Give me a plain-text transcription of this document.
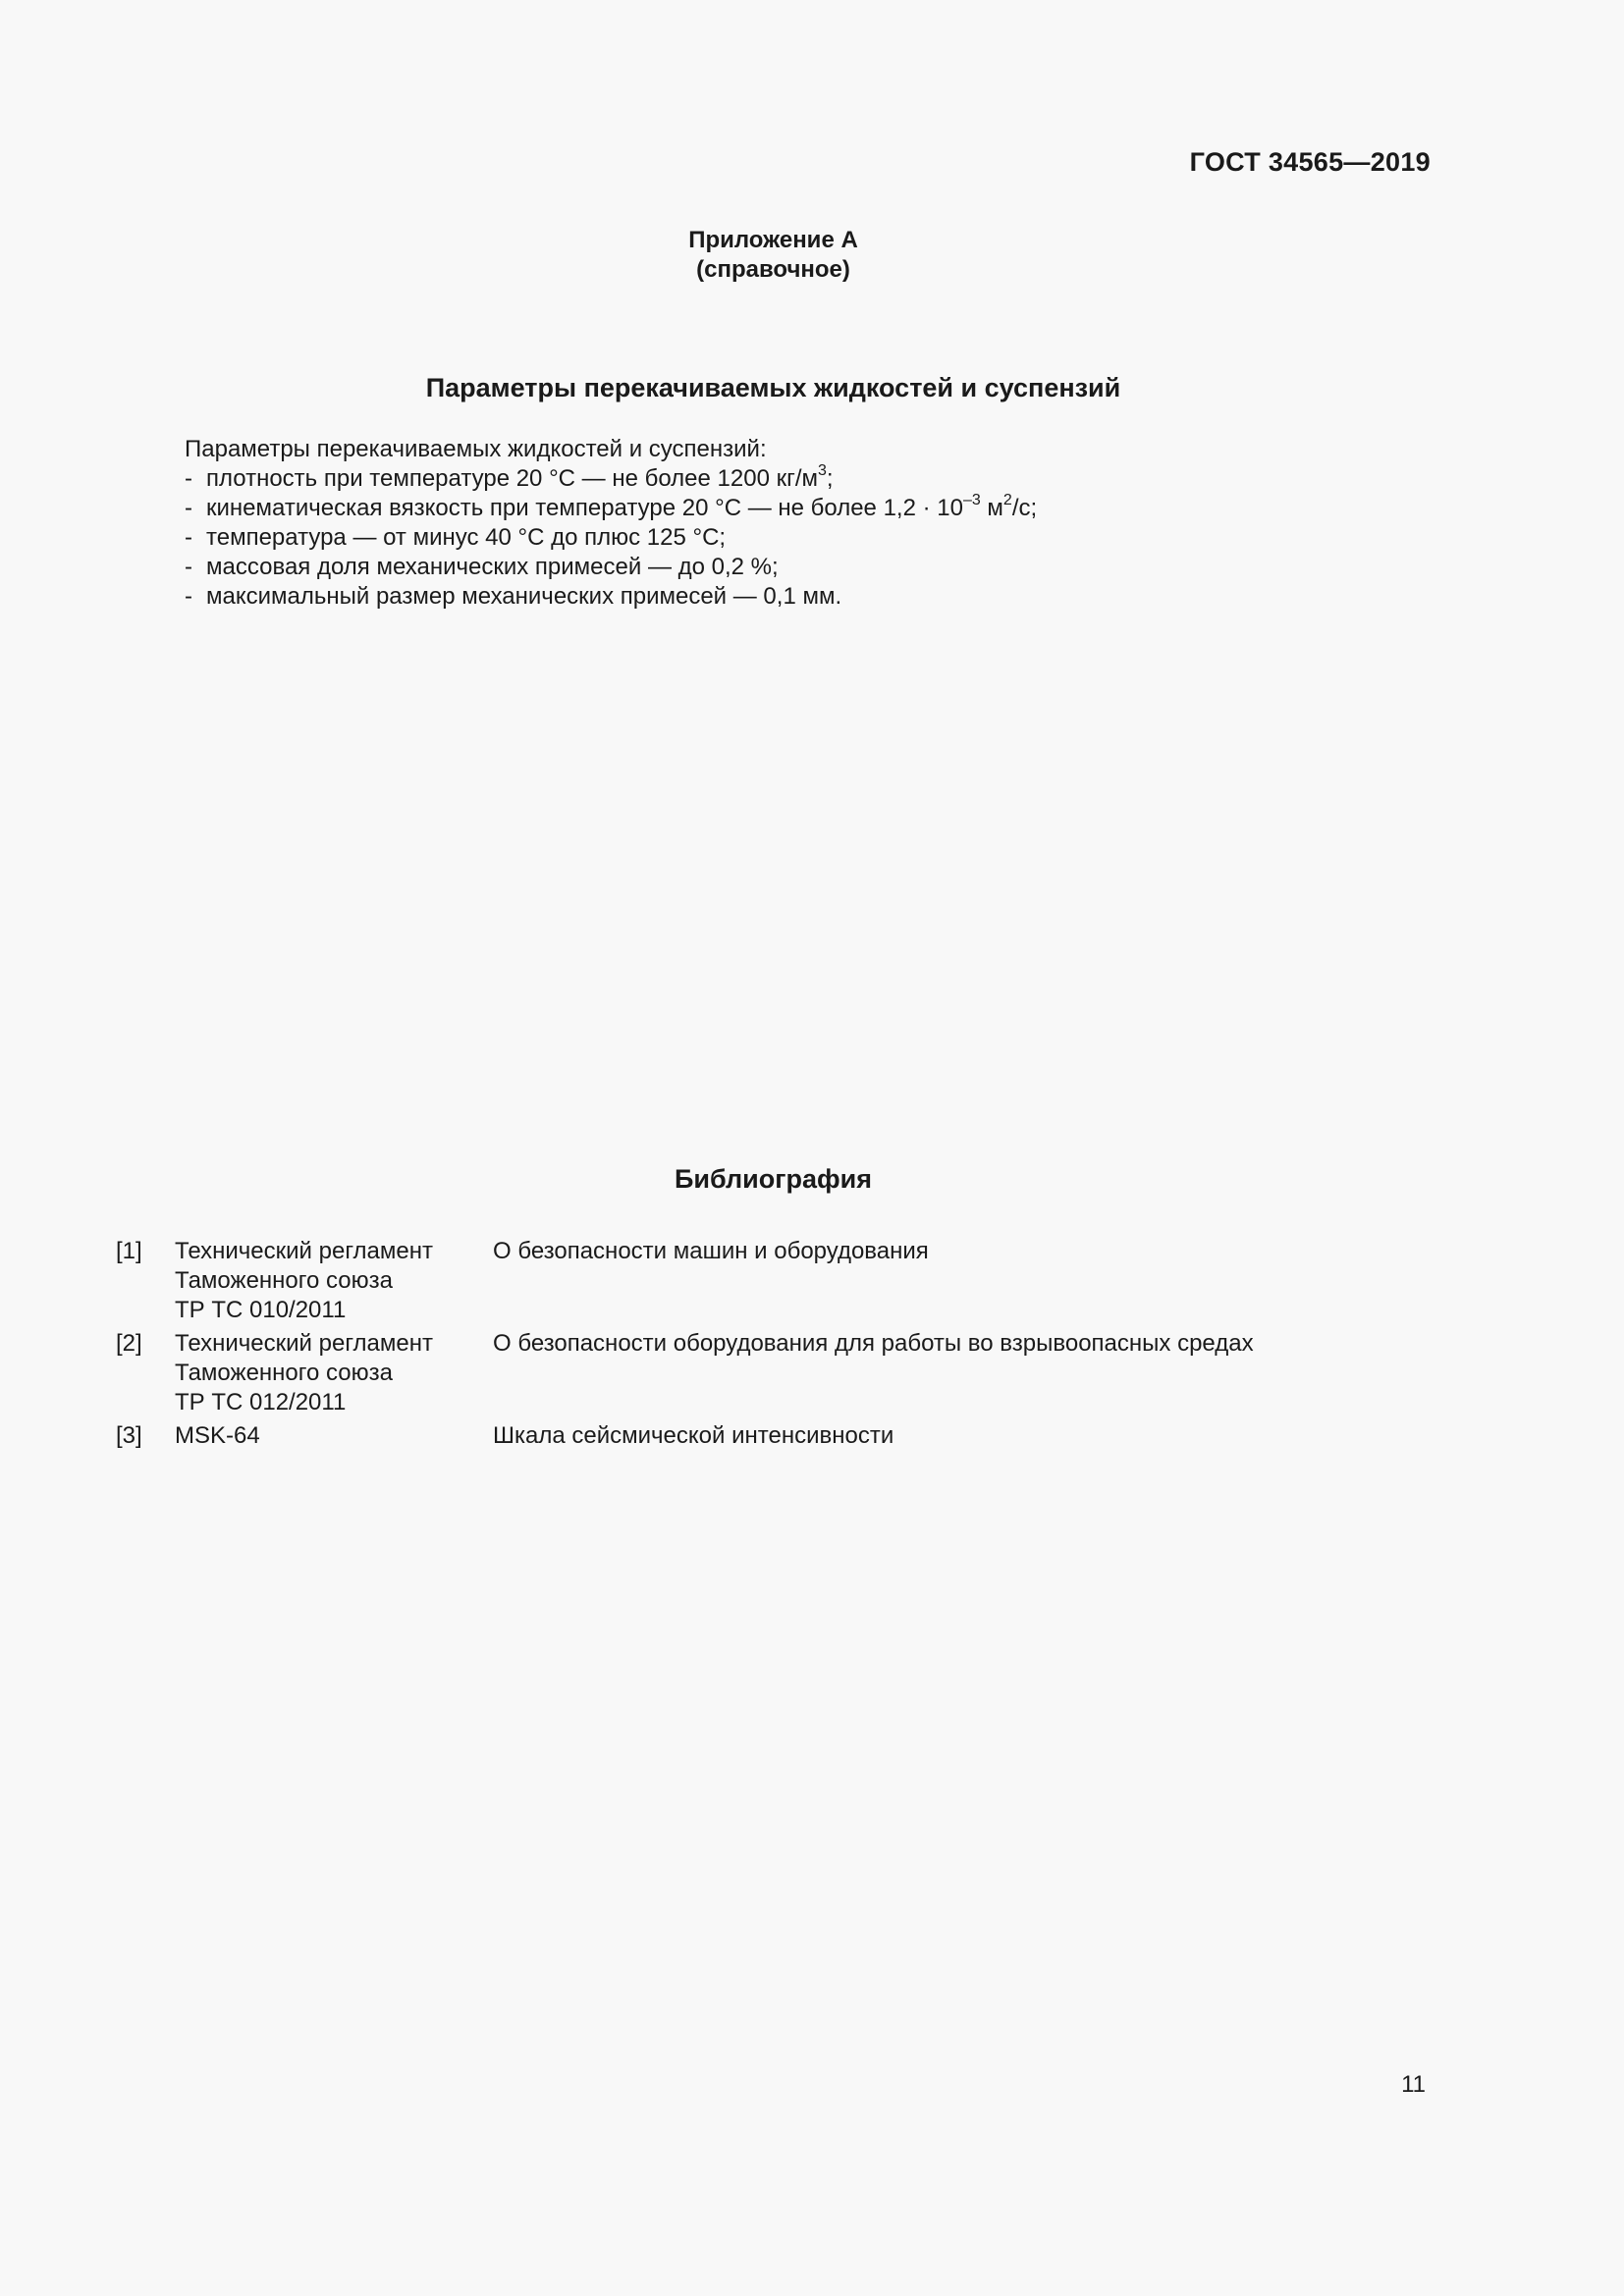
ГОСТ 34565—2019
Приложение А
(справочное)
Параметры перекачиваемых жидкостей и суспензий
Параметры перекачиваемых жидкостей и суспензий:
- плотность при температуре 20 °С — не более 1200 $кг/м^3$;
- кинематическая вязкость при температуре 20 °С — не более $1,2 \cdot 10^{-3}$ $м^2/с$;
- температура — от минус 40 °С до плюс 125 °С;
- массовая доля механических примесей — до 0,2 %;
- максимальный размер механических примесей — 0,1 мм.
Библиография
[1] Технический регламент
Таможенного союза
ТР ТС 010/2011
О безопасности машин и оборудования
[2] Технический регламент
Таможенного союза
ТР ТС 012/2011
О безопасности оборудования для работы во взрывоопасных средах
[3] MSK-64	Шкала сейсмической интенсивности
11
